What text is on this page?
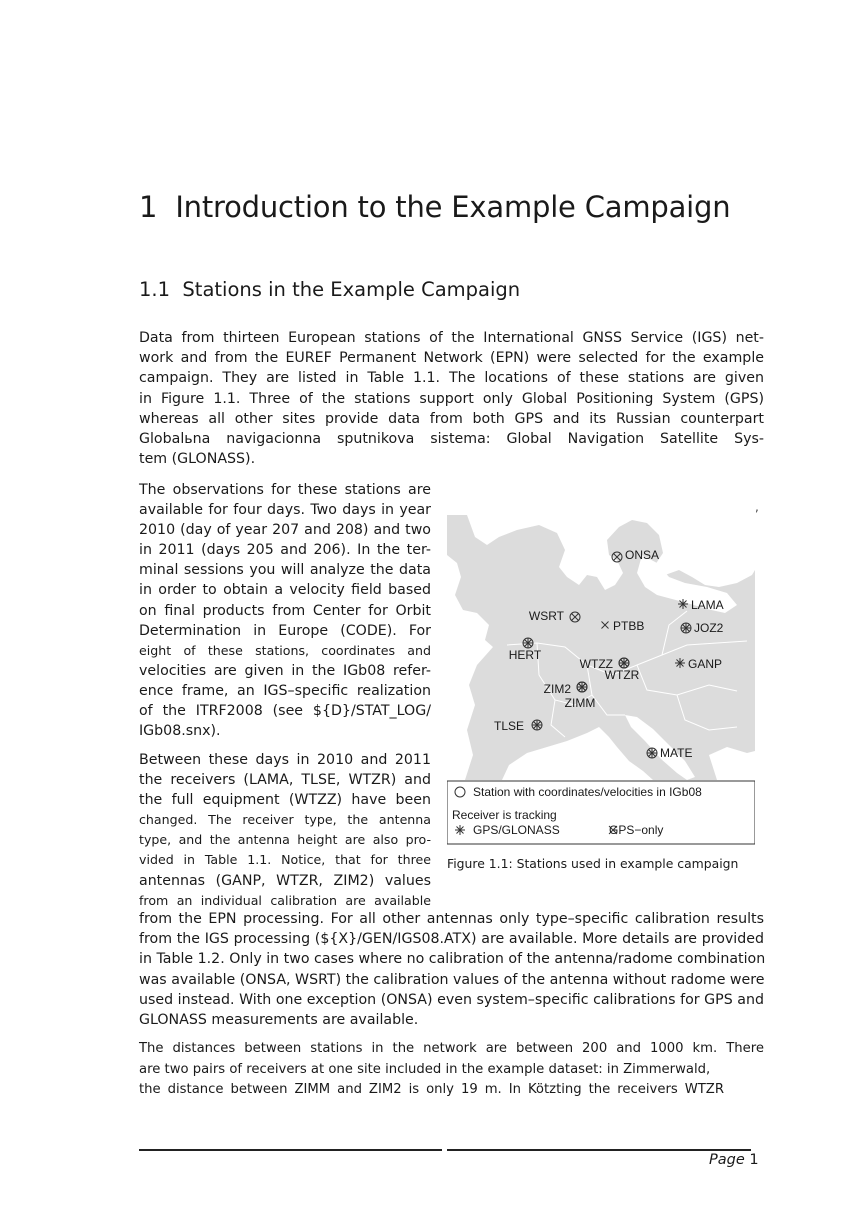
1 Introduction to the Example Campaign
1.1 Stations in the Example Campaign
Data from thirteen European stations of the International GNSS Service (IGS) net-
work and from the EUREF Permanent Network (EPN) were selected for the example
campaign. They are listed in Table 1.1. The locations of these stations are given
in Figure 1.1. Three of the stations support only Global Positioning System (GPS)
whereas all other sites provide data from both GPS and its Russian counterpart
Globalьna navigacionna sputnikova sistema: Global Navigation Satellite Sys-
tem (GLONASS).
The observations for these stations are
available for four days. Two days in year
2010 (day of year 207 and 208) and two
in 2011 (days 205 and 206). In the ter-
minal sessions you will analyze the data
in order to obtain a velocity field based
on final products from Center for Orbit
Determination in Europe (CODE). For
eight of these stations, coordinates and
velocities are given in the IGb08 refer-
ence frame, an IGS–specific realization
of the ITRF2008 (see ${D}/STAT_LOG/
IGb08.snx).
Between these days in 2010 and 2011
the receivers (LAMA, TLSE, WTZR) and
the full equipment (WTZZ) have been
changed. The receiver type, the antenna
type, and the antenna height are also pro-
vided in Table 1.1. Notice, that for three
antennas (GANP, WTZR, ZIM2) values
from an individual calibration are available
from the EPN processing. For all other antennas only type–specific calibration results
from the IGS processing (${X}/GEN/IGS08.ATX) are available. More details are provided
in Table 1.2. Only in two cases where no calibration of the antenna/radome combination
was available (ONSA, WSRT) the calibration values of the antenna without radome were
used instead. With one exception (ONSA) even system–specific calibrations for GPS and
GLONASS measurements are available.
The distances between stations in the network are between 200 and 1000 km. There
are two pairs of receivers at one site included in the example dataset: in Zimmerwald,
the distance between ZIMM and ZIM2 is only 19 m. In Kötzting the receivers WTZR
,
ONSA
LAMA
WSRT
PTBB	JOZ2
HERT
WTZZ
WTZR
GANP
ZIM2
ZIMM
TLSE
MATE
Station with coordinates/velocities in IGb08
Receiver is tracking
GPS/GLONASS	GPS−only
Figure 1.1: Stations used in example campaign
Page 1
